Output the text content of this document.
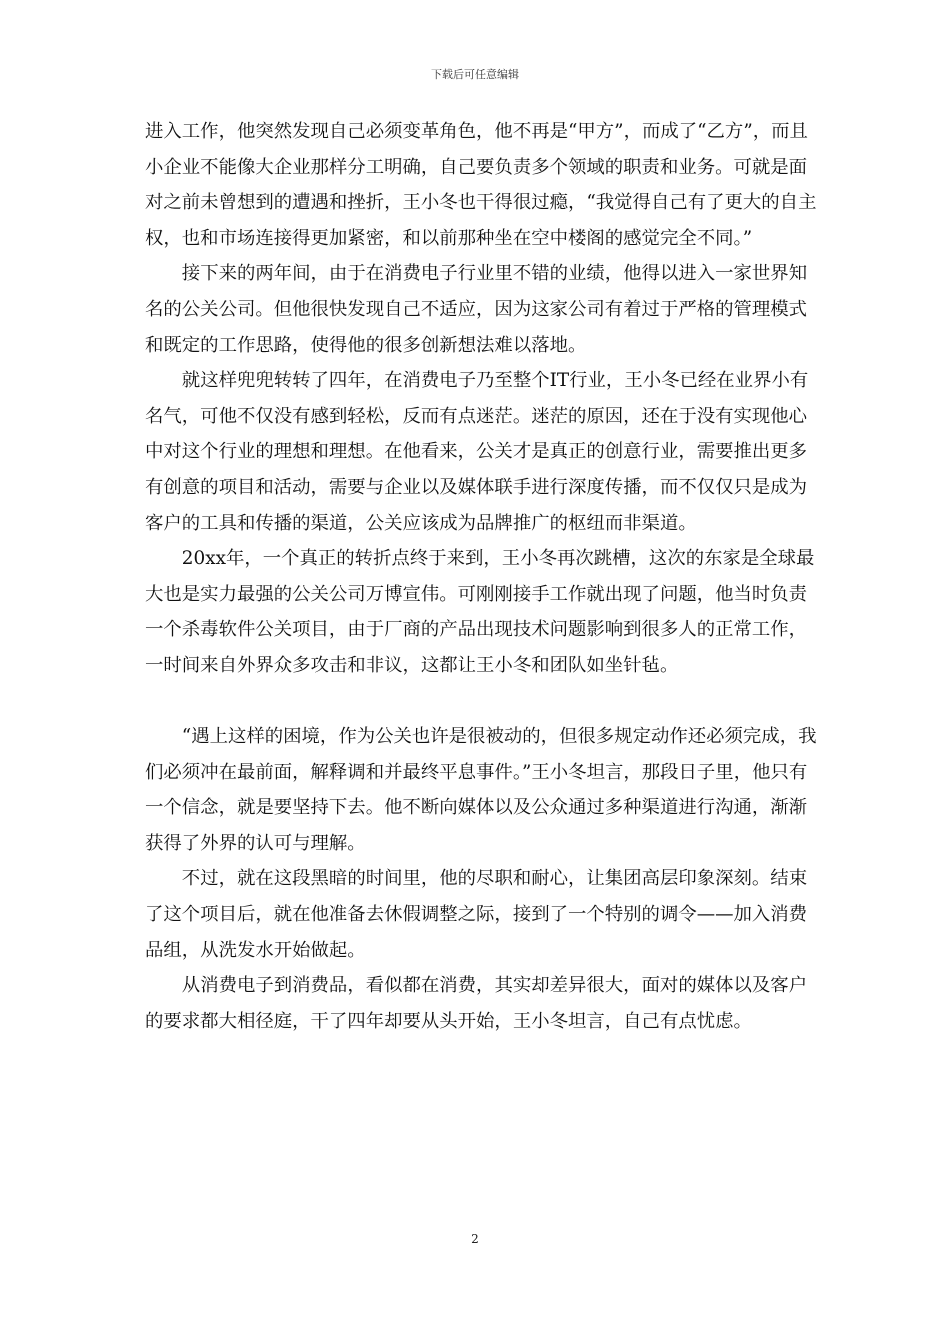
下载后可任意编辑

进入工作，他突然发现自己必须变革角色，他不再是“甲方”，而成了“乙方”，而且小企业不能像大企业那样分工明确，自己要负责多个领域的职责和业务。可就是面对之前未曾想到的遭遇和挫折，王小冬也干得很过瘾，“我觉得自己有了更大的自主权，也和市场连接得更加紧密，和以前那种坐在空中楼阁的感觉完全不同。”

接下来的两年间，由于在消费电子行业里不错的业绩，他得以进入一家世界知名的公关公司。但他很快发现自己不适应，因为这家公司有着过于严格的管理模式和既定的工作思路，使得他的很多创新想法难以落地。

就这样兜兜转转了四年，在消费电子乃至整个IT行业，王小冬已经在业界小有名气，可他不仅没有感到轻松，反而有点迷茫。迷茫的原因，还在于没有实现他心中对这个行业的理想和理想。在他看来，公关才是真正的创意行业，需要推出更多有创意的项目和活动，需要与企业以及媒体联手进行深度传播，而不仅仅只是成为客户的工具和传播的渠道，公关应该成为品牌推广的枢纽而非渠道。

20xx年，一个真正的转折点终于来到，王小冬再次跳槽，这次的东家是全球最大也是实力最强的公关公司万博宣伟。可刚刚接手工作就出现了问题，他当时负责一个杀毒软件公关项目，由于厂商的产品出现技术问题影响到很多人的正常工作，一时间来自外界众多攻击和非议，这都让王小冬和团队如坐针毡。

“遇上这样的困境，作为公关也许是很被动的，但很多规定动作还必须完成，我们必须冲在最前面，解释调和并最终平息事件。”王小冬坦言，那段日子里，他只有一个信念，就是要坚持下去。他不断向媒体以及公众通过多种渠道进行沟通，渐渐获得了外界的认可与理解。

不过，就在这段黑暗的时间里，他的尽职和耐心，让集团高层印象深刻。结束了这个项目后，就在他准备去休假调整之际，接到了一个特别的调令——加入消费品组，从洗发水开始做起。

从消费电子到消费品，看似都在消费，其实却差异很大，面对的媒体以及客户的要求都大相径庭，干了四年却要从头开始，王小冬坦言，自己有点忧虑。

2
